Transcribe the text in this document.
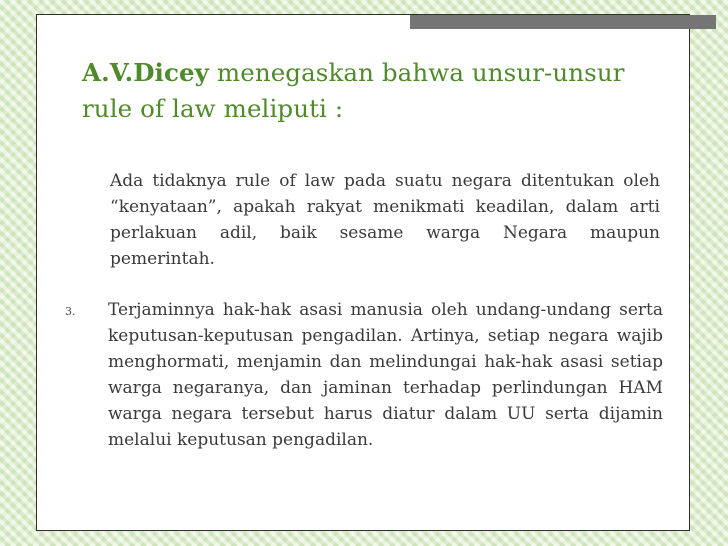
A.V.Dicey menegaskan bahwa unsur-unsur rule of law meliputi :

Ada tidaknya rule of law pada suatu negara ditentukan oleh “kenyataan”, apakah rakyat menikmati keadilan, dalam arti perlakuan adil, baik sesame warga Negara maupun pemerintah.

3. Terjaminnya hak-hak asasi manusia oleh undang-undang serta keputusan-keputusan pengadilan. Artinya, setiap negara wajib menghormati, menjamin dan melindungai hak-hak asasi setiap warga negaranya, dan jaminan terhadap perlindungan HAM warga negara tersebut harus diatur dalam UU serta dijamin melalui keputusan pengadilan.
